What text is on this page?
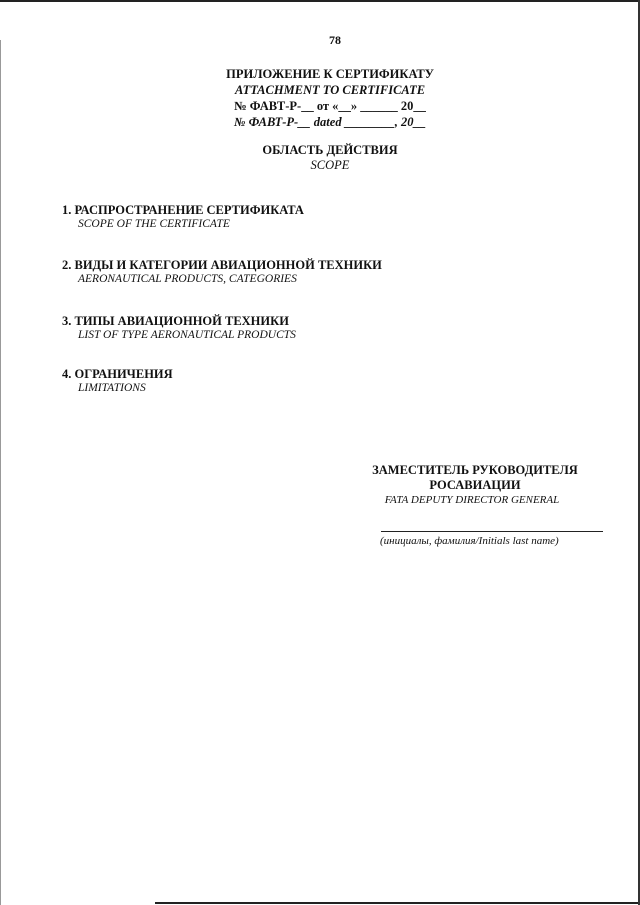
78
ПРИЛОЖЕНИЕ К СЕРТИФИКАТУ
ATTACHMENT TO CERTIFICATE
№ ФАВТ-Р-__ от «__» ______ 20__
№ ФАВТ-Р-__ dated ________, 20__
ОБЛАСТЬ ДЕЙСТВИЯ
SCOPE
1. РАСПРОСТРАНЕНИЕ СЕРТИФИКАТА
SCOPE OF THE CERTIFICATE
2. ВИДЫ И КАТЕГОРИИ АВИАЦИОННОЙ ТЕХНИКИ
AERONAUTICAL PRODUCTS, CATEGORIES
3. ТИПЫ АВИАЦИОННОЙ ТЕХНИКИ
LIST OF TYPE AERONAUTICAL PRODUCTS
4. ОГРАНИЧЕНИЯ
LIMITATIONS
ЗАМЕСТИТЕЛЬ РУКОВОДИТЕЛЯ
РОСАВИАЦИИ
FATA DEPUTY DIRECTOR GENERAL
(инициалы, фамилия/Initials last name)
